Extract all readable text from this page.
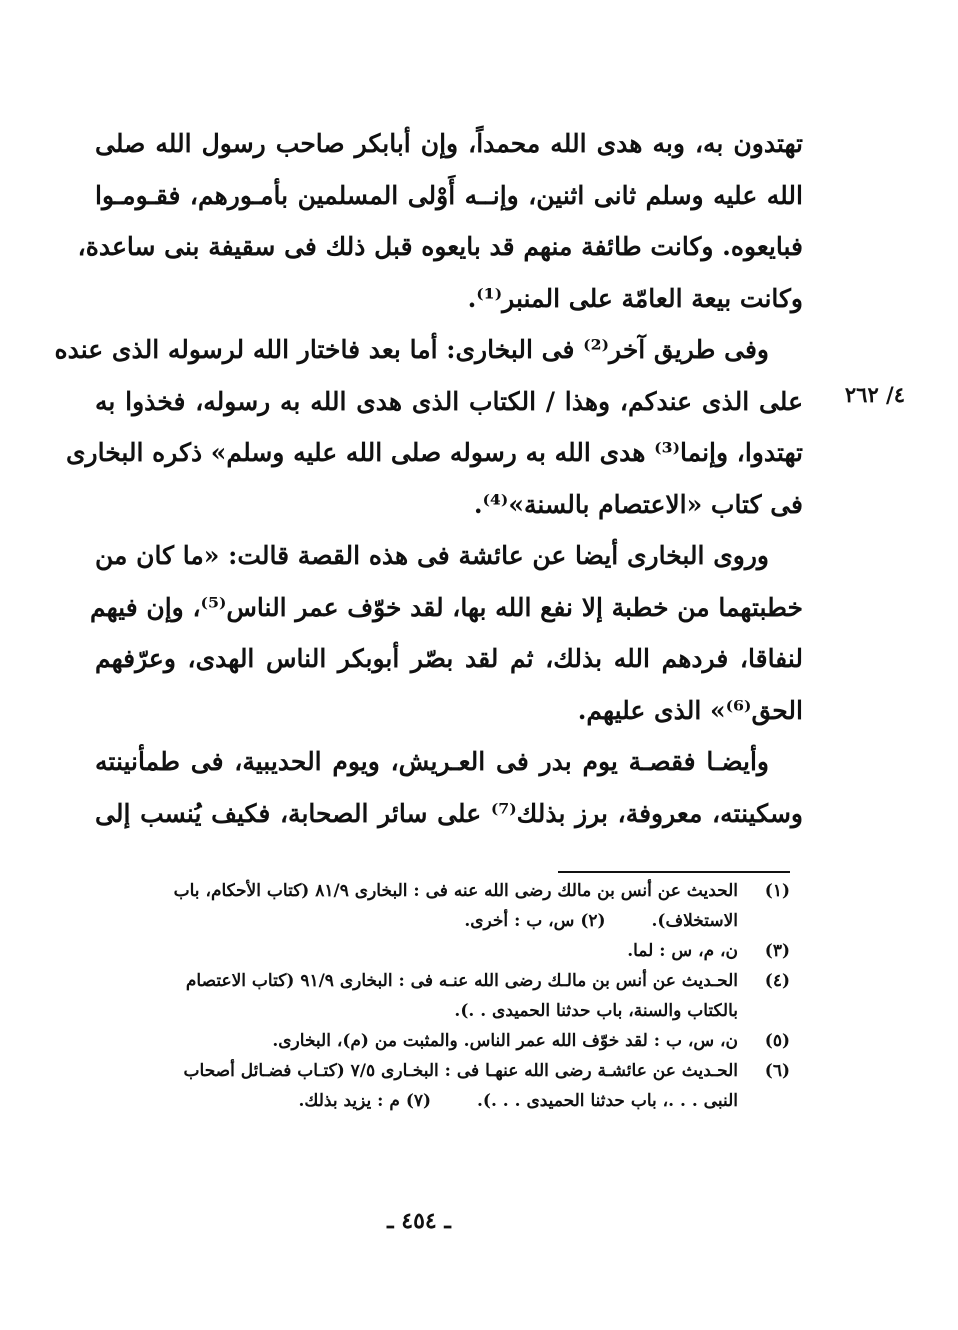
تهتدون به، وبه هدى الله محمداً، وإن أبابكر صاحب رسول الله صلى
الله عليه وسلم ثانى اثنين، وإنــه أَوْلى المسلمين بأمـورهم، فقـومـوا
فبايعوه. وكانت طائفة منهم قد بايعوه قبل ذلك فى سقيفة بنى ساعدة،
وكانت بيعة العامّة على المنبر⁽¹⁾.
وفى طريق آخر⁽²⁾ فى البخارى: أما بعد فاختار الله لرسوله الذى عنده
على الذى عندكم، وهذا / الكتاب الذى هدى الله به رسوله، فخذوا به
تهتدوا، وإنما⁽³⁾ هدى الله به رسوله صلى الله عليه وسلم» ذكره البخارى
فى كتاب «الاعتصام بالسنة»⁽⁴⁾.
وروى البخارى أيضا عن عائشة فى هذه القصة قالت: «ما كان من
خطبتهما من خطبة إلا نفع الله بها، لقد خوّف عمر الناس⁽⁵⁾، وإن فيهم
لنفاقا، فردهم الله بذلك، ثم لقد بصّر أبوبكر الناس الهدى، وعرّفهم
الحق⁽⁶⁾» الذى عليهم.
وأيضـا فقصـة يوم بدر فى العـريش، ويوم الحديبية، فى طمأنينته
وسكينته، معروفة، برز بذلك⁽⁷⁾ على سائر الصحابة، فكيف يُنسب إلى
٤/ ٢٦٢
(١)
الحديث عن أنس بن مالك رضى الله عنه فى : البخارى ٨١/٩ (كتاب الأحكام، باب
الاستخلاف). (٢) س، ب : أخرى.
(٣)
ن، م، س : لما.
(٤)
الحـديث عن أنس بن مالـك رضى الله عنـه فى : البخارى ٩١/٩ (كتاب الاعتصام
بالكتاب والسنة، باب حدثنا الحميدى . .).
(٥)
ن، س، ب : لقد خوّف الله عمر الناس. والمثبت من (م)، البخارى.
(٦)
الحـديث عن عائشـة رضى الله عنهـا فى : البخـارى ٧/٥ (كتـاب فضـائل أصحاب
النبى . . .، باب حدثنا الحميدى . . .). (٧) م : يزيد بذلك.
ـ ٤٥٤ ـ
